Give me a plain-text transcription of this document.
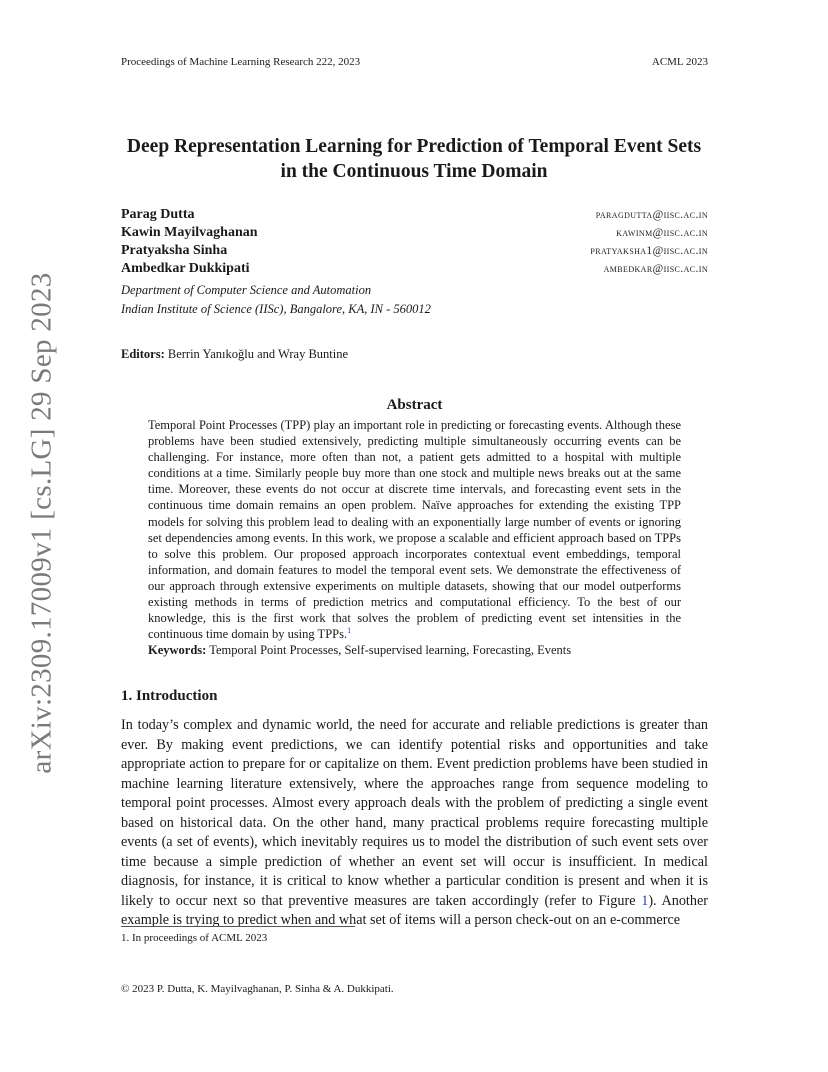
Proceedings of Machine Learning Research 222, 2023	ACML 2023
arXiv:2309.17009v1 [cs.LG] 29 Sep 2023
Deep Representation Learning for Prediction of Temporal Event Sets
in the Continuous Time Domain
Parag Dutta	paragdutta@iisc.ac.in
Kawin Mayilvaghanan	kawinm@iisc.ac.in
Pratyaksha Sinha	pratyaksha1@iisc.ac.in
Ambedkar Dukkipati	ambedkar@iisc.ac.in
Department of Computer Science and Automation
Indian Institute of Science (IISc), Bangalore, KA, IN - 560012
Editors: Berrin Yanıkoğlu and Wray Buntine
Abstract

Temporal Point Processes (TPP) play an important role in predicting or forecasting events. Although these problems have been studied extensively, predicting multiple simultaneously occurring events can be challenging. For instance, more often than not, a patient gets admitted to a hospital with multiple conditions at a time. Similarly people buy more than one stock and multiple news breaks out at the same time. Moreover, these events do not occur at discrete time intervals, and forecasting event sets in the continuous time domain remains an open problem. Naïve approaches for extending the existing TPP models for solving this problem lead to dealing with an exponentially large number of events or ignoring set dependencies among events. In this work, we propose a scalable and efficient approach based on TPPs to solve this problem. Our proposed approach incorporates contextual event embeddings, temporal information, and domain features to model the temporal event sets. We demonstrate the effectiveness of our approach through extensive experiments on multiple datasets, showing that our model outperforms existing methods in terms of prediction metrics and computational efficiency. To the best of our knowledge, this is the first work that solves the problem of predicting event set intensities in the continuous time domain by using TPPs.$^1$

Keywords: Temporal Point Processes, Self-supervised learning, Forecasting, Events

1. Introduction
In today’s complex and dynamic world, the need for accurate and reliable predictions is greater than ever. By making event predictions, we can identify potential risks and opportunities and take appropriate action to prepare for or capitalize on them. Event prediction problems have been studied in machine learning literature extensively, where the approaches range from sequence modeling to temporal point processes. Almost every approach deals with the problem of predicting a single event based on historical data. On the other hand, many practical problems require forecasting multiple events (a set of events), which inevitably requires us to model the distribution of such event sets over time because a simple prediction of whether an event set will occur is insufficient. In medical diagnosis, for instance, it is critical to know whether a particular condition is present and when it is likely to occur next so that preventive measures are taken accordingly (refer to Figure 1). Another example is trying to predict when and what set of items will a person check-out on an e-commerce
1. In proceedings of ACML 2023
© 2023 P. Dutta, K. Mayilvaghanan, P. Sinha & A. Dukkipati.
